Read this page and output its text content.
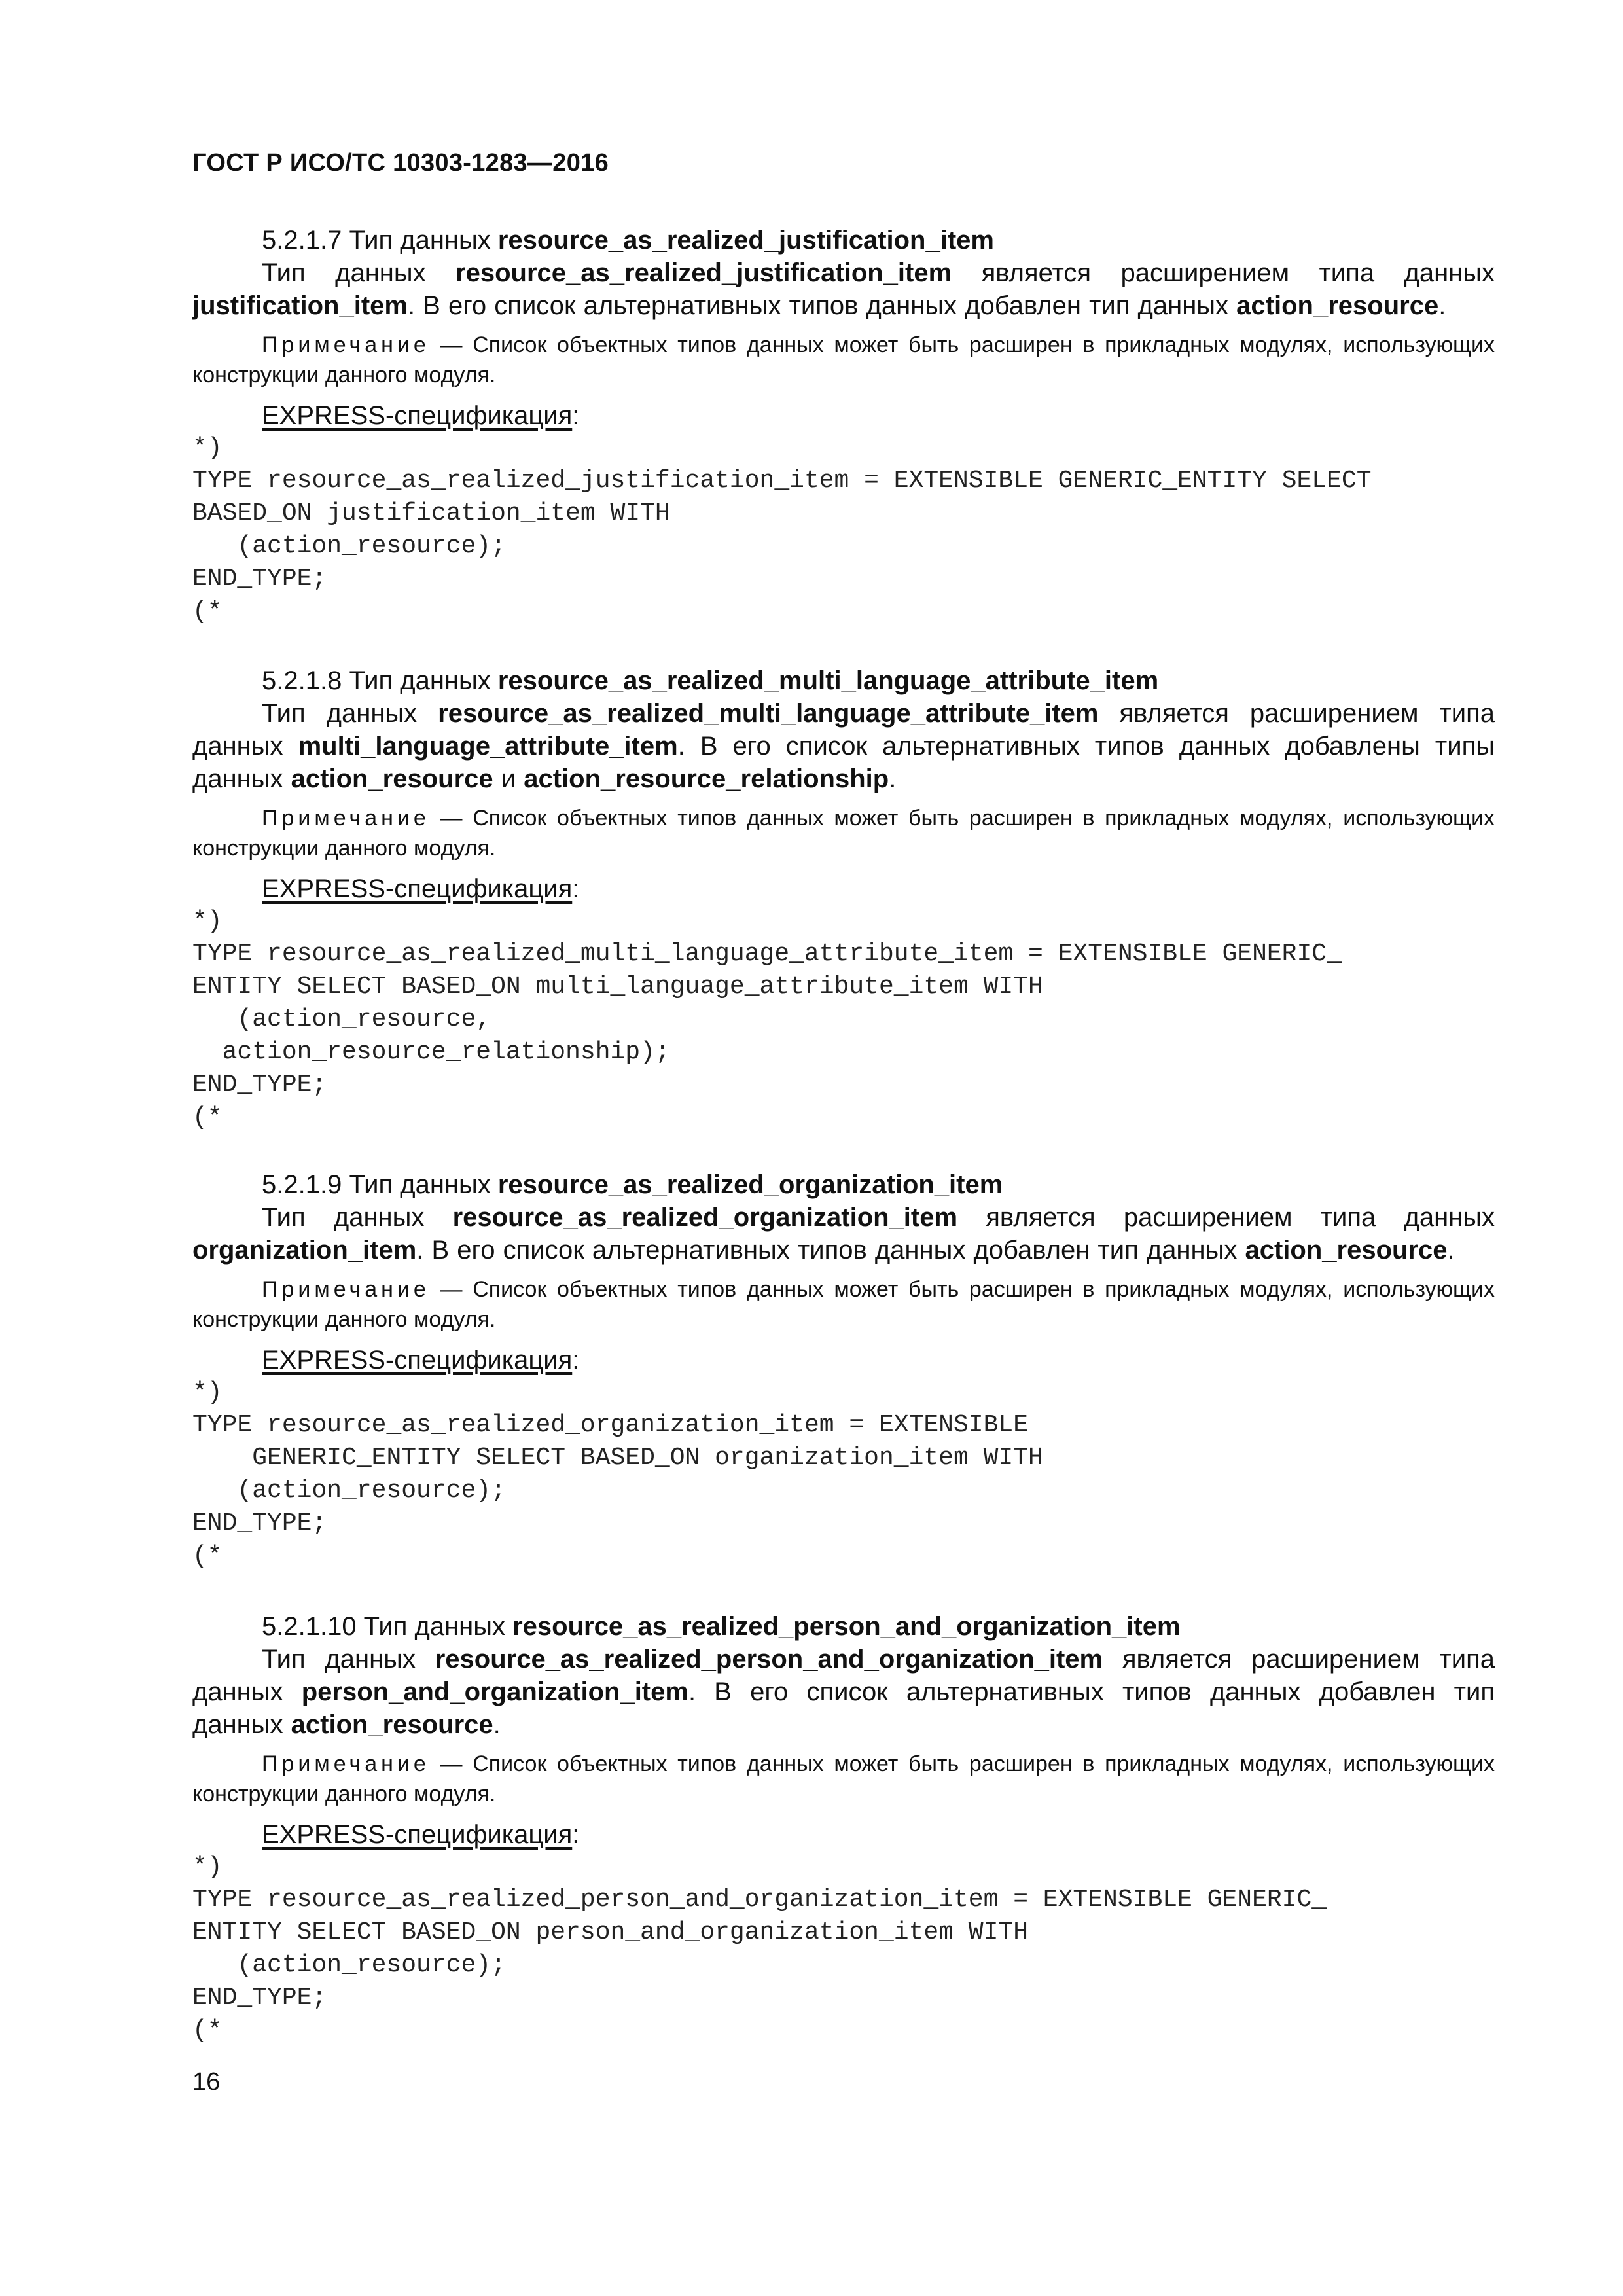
ГОСТ Р ИСО/ТС 10303-1283—2016

5.2.1.7 Тип данных resource_as_realized_justification_item

Тип данных resource_as_realized_justification_item является расширением типа данных justification_item. В его список альтернативных типов данных добавлен тип данных action_resource.

Примечание — Список объектных типов данных может быть расширен в прикладных модулях, использующих конструкции данного модуля.

EXPRESS-спецификация:

*)
TYPE resource_as_realized_justification_item = EXTENSIBLE GENERIC_ENTITY SELECT
BASED_ON justification_item WITH
(action_resource);
END_TYPE;
(*

5.2.1.8 Тип данных resource_as_realized_multi_language_attribute_item

Тип данных resource_as_realized_multi_language_attribute_item является расширением типа данных multi_language_attribute_item. В его список альтернативных типов данных добавлены типы данных action_resource и action_resource_relationship.

Примечание — Список объектных типов данных может быть расширен в прикладных модулях, использующих конструкции данного модуля.

EXPRESS-спецификация:

*)
TYPE resource_as_realized_multi_language_attribute_item = EXTENSIBLE GENERIC_
ENTITY SELECT BASED_ON multi_language_attribute_item WITH
(action_resource,
action_resource_relationship);
END_TYPE;
(*

5.2.1.9 Тип данных resource_as_realized_organization_item

Тип данных resource_as_realized_organization_item является расширением типа данных organization_item. В его список альтернативных типов данных добавлен тип данных action_resource.

Примечание — Список объектных типов данных может быть расширен в прикладных модулях, использующих конструкции данного модуля.

EXPRESS-спецификация:

*)
TYPE resource_as_realized_organization_item = EXTENSIBLE
GENERIC_ENTITY SELECT BASED_ON organization_item WITH
(action_resource);
END_TYPE;
(*

5.2.1.10 Тип данных resource_as_realized_person_and_organization_item

Тип данных resource_as_realized_person_and_organization_item является расширением типа данных person_and_organization_item. В его список альтернативных типов данных добавлен тип данных action_resource.

Примечание — Список объектных типов данных может быть расширен в прикладных модулях, использующих конструкции данного модуля.

EXPRESS-спецификация:

*)
TYPE resource_as_realized_person_and_organization_item = EXTENSIBLE GENERIC_
ENTITY SELECT BASED_ON person_and_organization_item WITH
(action_resource);
END_TYPE;
(*
16
